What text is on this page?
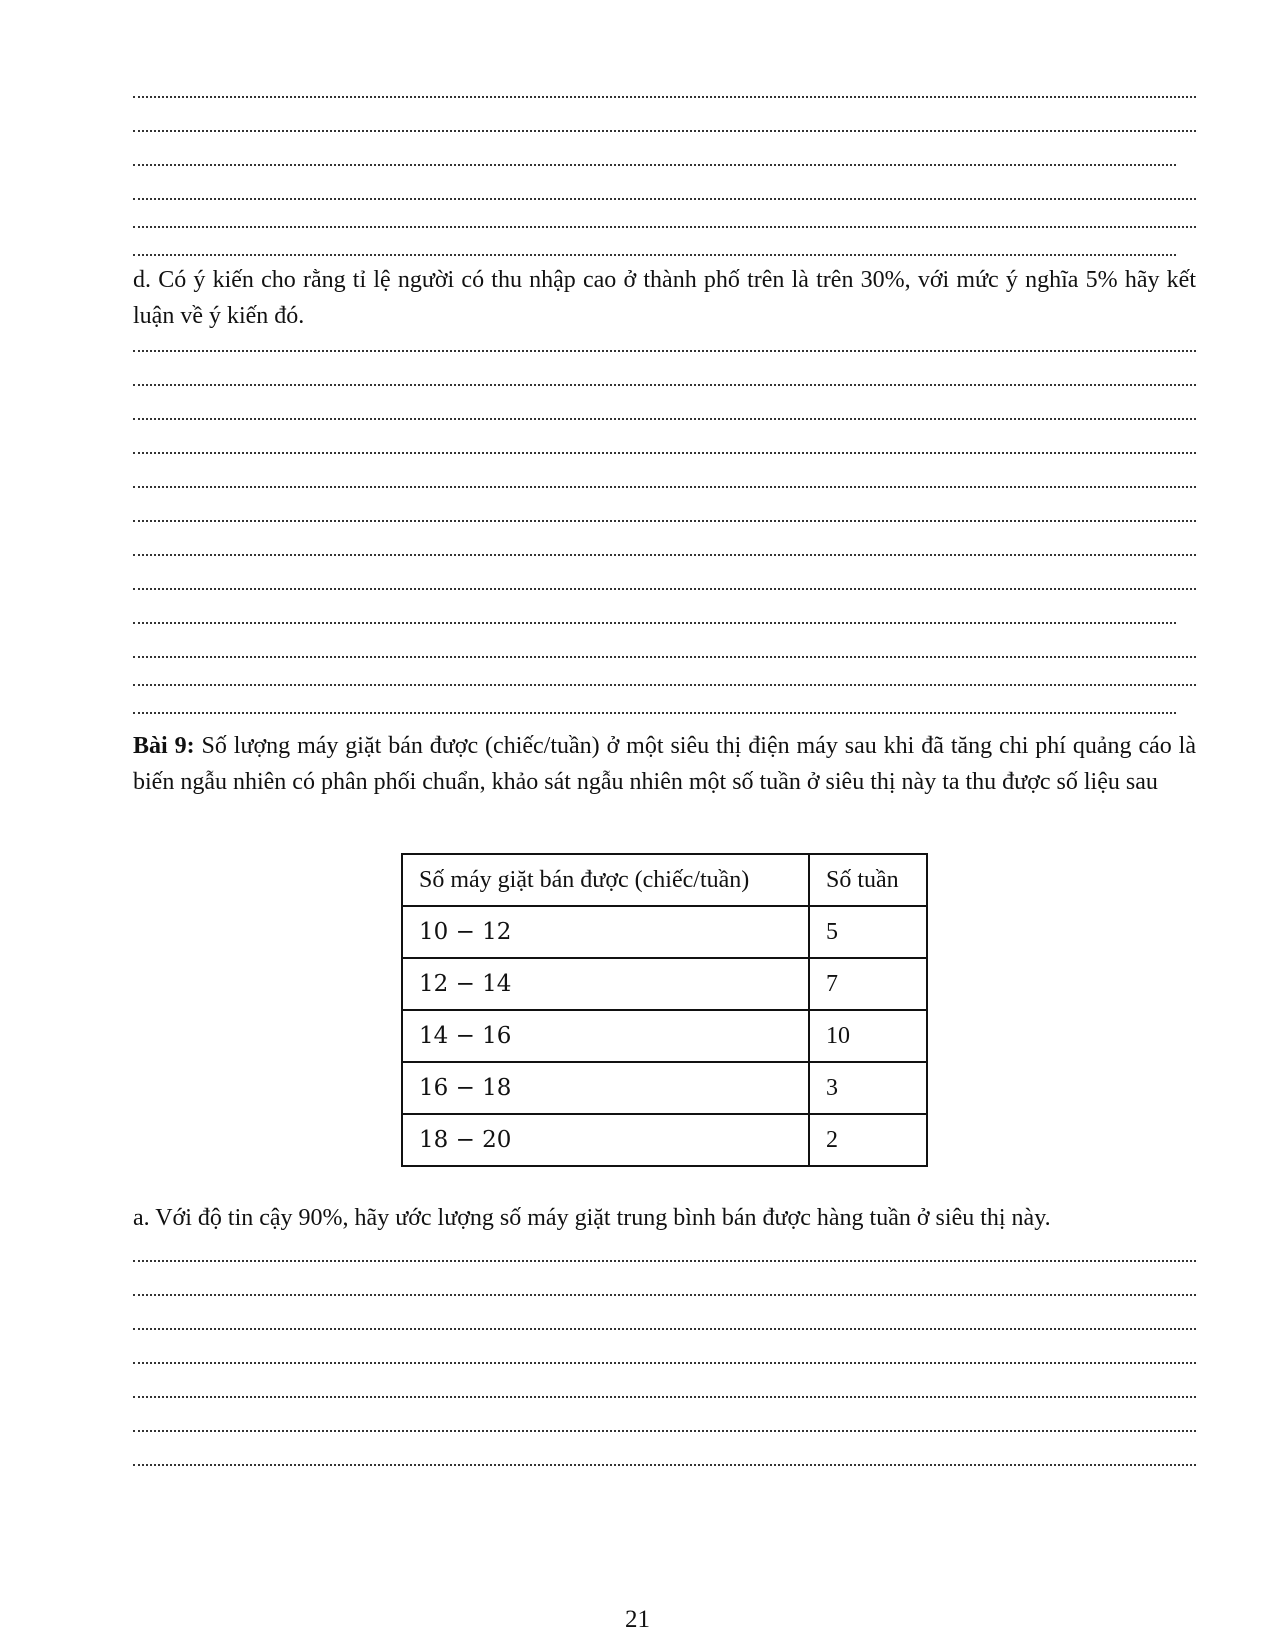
d. Có ý kiến cho rằng tỉ lệ người có thu nhập cao ở thành phố trên là trên 30%, với mức ý nghĩa 5% hãy kết luận về ý kiến đó.

Bài 9: Số lượng máy giặt bán được (chiếc/tuần) ở một siêu thị điện máy sau khi đã tăng chi phí quảng cáo là biến ngẫu nhiên có phân phối chuẩn, khảo sát ngẫu nhiên một số tuần ở siêu thị này ta thu được số liệu sau

Số máy giặt bán được (chiếc/tuần)	Số tuần
10 − 12	5
12 − 14	7
14 − 16	10
16 − 18	3
18 − 20	2

a. Với độ tin cậy 90%, hãy ước lượng số máy giặt trung bình bán được hàng tuần ở siêu thị này.

21
